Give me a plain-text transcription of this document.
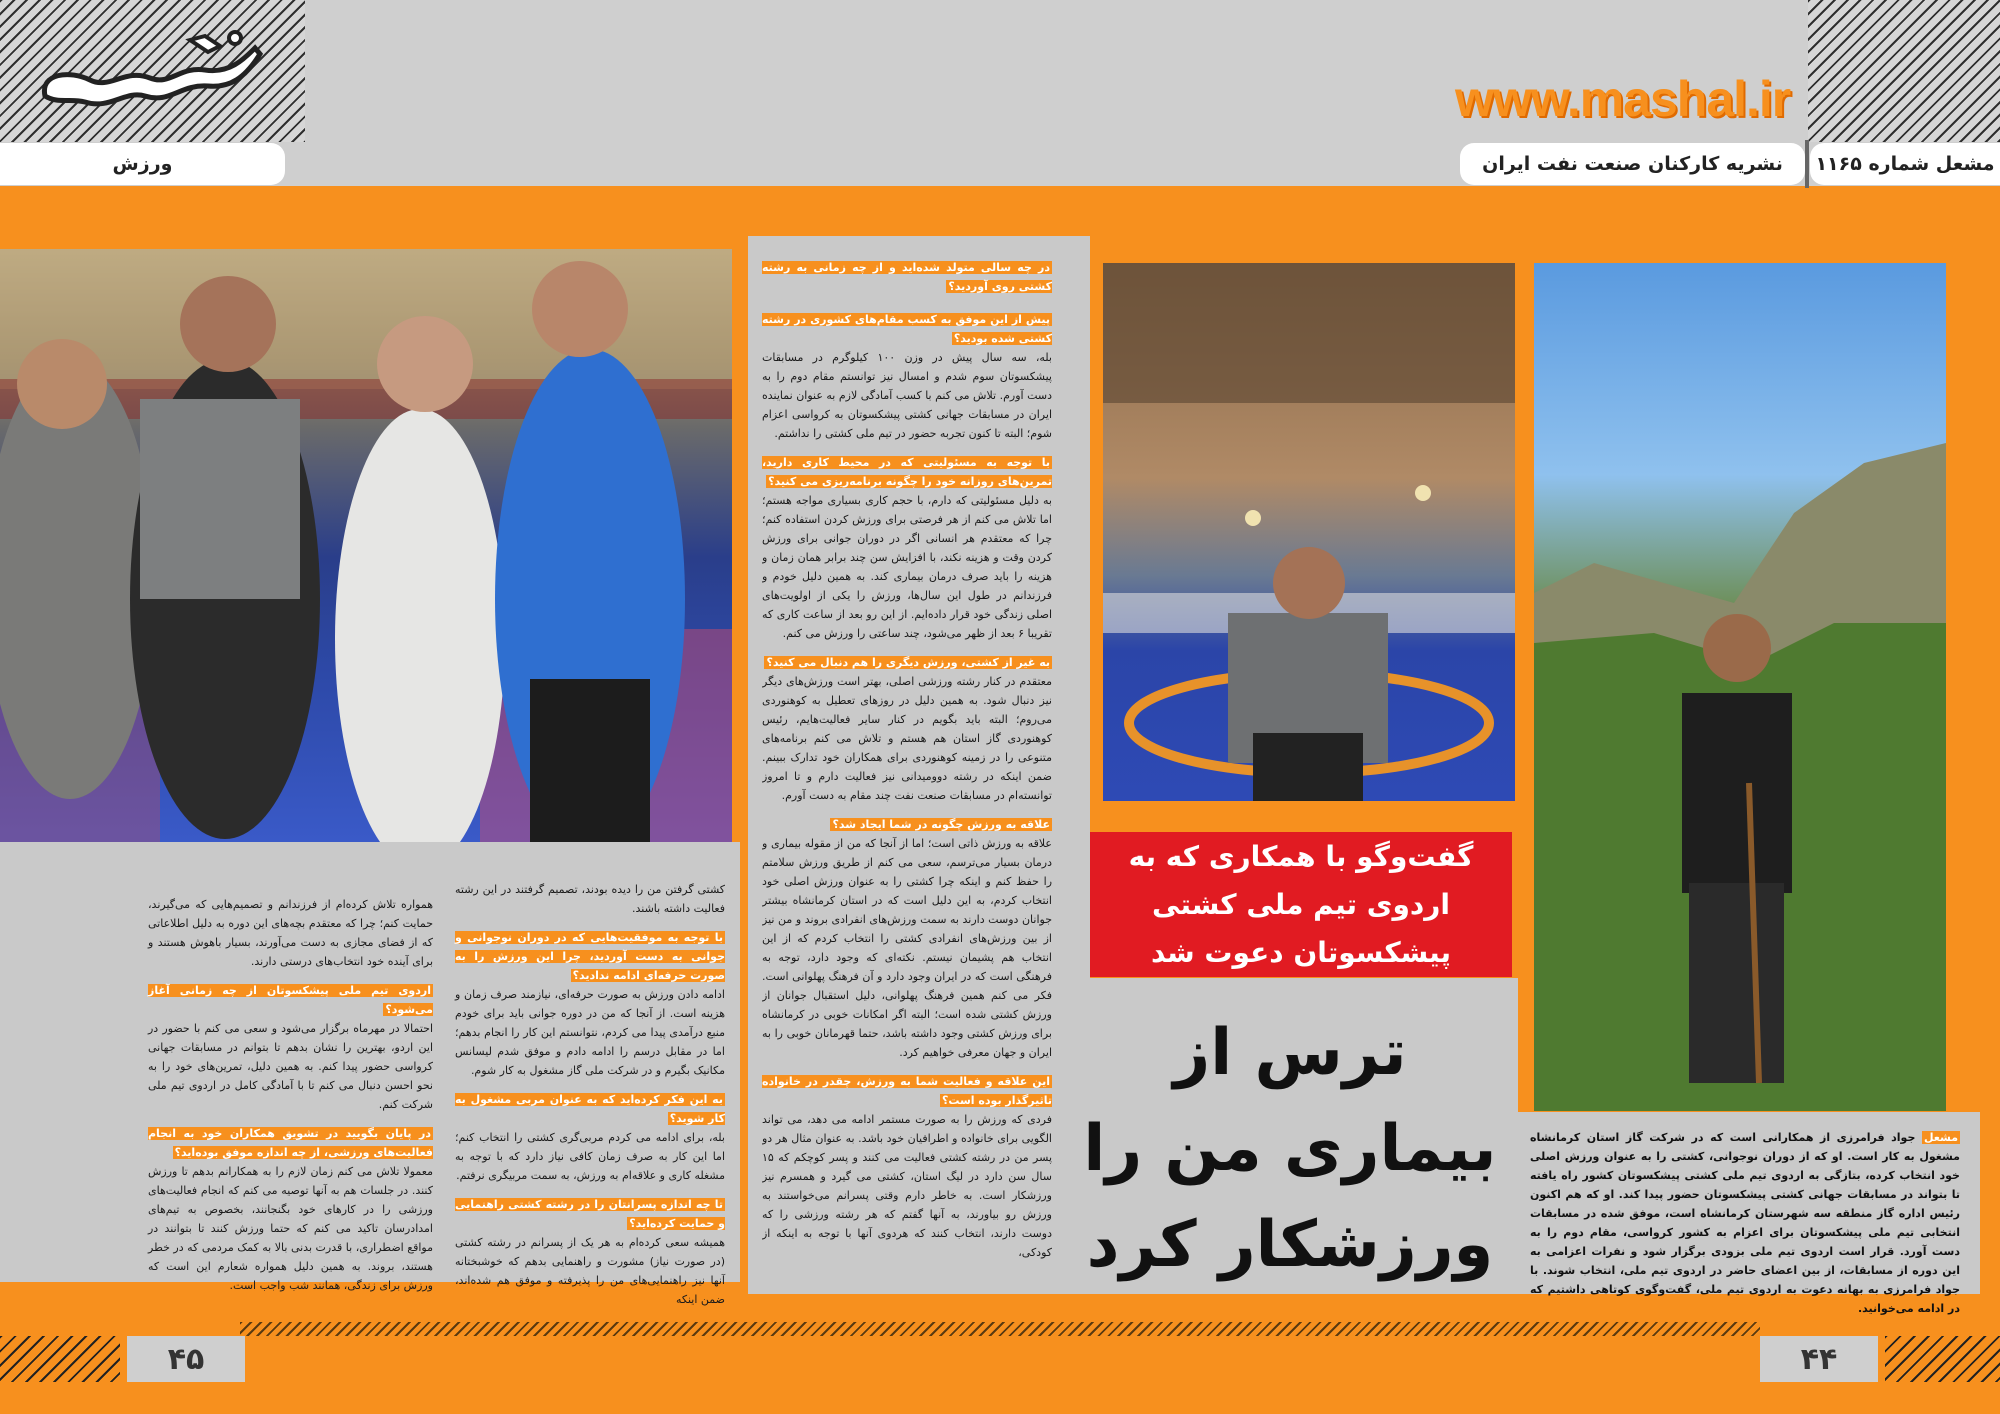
www.mashal.ir
ورزش	نشریه کارکنان صنعت نفت ایران مشعل شماره ۱۱۶۵
همواره تلاش کرده‌ام از فرزندانم و تصمیم‌هایی که می‌گیرند، حمایت کنم؛ چرا که معتقدم بچه‌های این دوره به دلیل اطلاعاتی که از فضای مجازی به دست می‌آورند، بسیار باهوش هستند و برای آینده خود انتخاب‌های درستی دارند.
اردوی تیم ملی پیشکسوتان از چه زمانی آغاز می‌شود؟
احتمالا در مهرماه برگزار می‌شود و سعی می کنم با حضور در این اردو، بهترین را نشان بدهم تا بتوانم در مسابقات جهانی کرواسی حضور پیدا کنم. به همین دلیل، تمرین‌های خود را به نحو احسن دنبال می کنم تا با آمادگی کامل در اردوی تیم ملی شرکت کنم.
در پایان بگویید در تشویق همکاران خود به انجام فعالیت‌های ورزشی، از چه اندازه موفق بوده‌اید؟
معمولا تلاش می کنم زمان لازم را به همکارانم بدهم تا ورزش کنند. در جلسات هم به آنها توصیه می کنم که انجام فعالیت‌های ورزشی را در کارهای خود بگنجانند، بخصوص به تیم‌های امدادرسان تاکید می کنم که حتما ورزش کنند تا بتوانند در مواقع اضطراری، با قدرت بدنی بالا به کمک مردمی که در خطر هستند، بروند. به همین دلیل همواره شعارم این است که ورزش برای زندگی، همانند شب واجب است.
کشتی گرفتن من را دیده بودند، تصمیم گرفتند در این رشته فعالیت داشته باشند.
با توجه به موفقیت‌هایی که در دوران نوجوانی و جوانی به دست آوردید، چرا این ورزش را به صورت حرفه‌ای ادامه ندادید؟
ادامه دادن ورزش به صورت حرفه‌ای، نیازمند صرف زمان و هزینه است. از آنجا که من در دوره جوانی باید برای خودم منبع درآمدی پیدا می کردم، نتوانستم این کار را انجام بدهم؛ اما در مقابل درسم را ادامه دادم و موفق شدم لیسانس مکانیک بگیرم و در شرکت ملی گاز مشغول به کار شوم.
به این فکر کرده‌اید که به عنوان مربی مشغول به کار شوید؟
بله، برای ادامه می کردم مربی‌گری کشتی را انتخاب کنم؛ اما این کار به صرف زمان کافی نیاز دارد که با توجه به مشغله کاری و علاقه‌ام به ورزش، به سمت مربیگری نرفتم.
تا چه اندازه پسرانتان را در رشته کشتی راهنمایی و حمایت کرده‌اید؟
همیشه سعی کرده‌ام به هر یک از پسرانم در رشته کشتی (در صورت نیاز) مشورت و راهنمایی بدهم که خوشبختانه آنها نیز راهنمایی‌های من را پذیرفته و موفق هم شده‌اند، ضمن اینکه
در چه سالی متولد شده‌اید و از چه زمانی به رشته کشتی روی آوردید؟
پیش از این موفق به کسب مقام‌های کشوری در رشته کشتی شده بودید؟
بله، سه سال پیش در وزن ۱۰۰ کیلوگرم در مسابقات پیشکسوتان سوم شدم و امسال نیز توانستم مقام دوم را به دست آورم. تلاش می کنم با کسب آمادگی لازم به عنوان نماینده ایران در مسابقات جهانی کشتی پیشکسوتان به کرواسی اعزام شوم؛ البته تا کنون تجربه حضور در تیم ملی کشتی را نداشتم.
با توجه به مسئولیتی که در محیط کاری دارید، تمرین‌های روزانه خود را چگونه برنامه‌ریزی می کنید؟
به دلیل مسئولیتی که دارم، با حجم کاری بسیاری مواجه هستم؛ اما تلاش می کنم از هر فرصتی برای ورزش کردن استفاده کنم؛ چرا که معتقدم هر انسانی اگر در دوران جوانی برای ورزش کردن وقت و هزینه نکند، با افزایش سن چند برابر همان زمان و هزینه را باید صرف درمان بیماری کند. به همین دلیل خودم و فرزندانم در طول این سال‌ها، ورزش را یکی از اولویت‌های اصلی زندگی خود قرار داده‌ایم. از این رو بعد از ساعت کاری که تقریبا ۶ بعد از ظهر می‌شود، چند ساعتی را ورزش می کنم.
به غیر از کشتی، ورزش دیگری را هم دنبال می کنید؟
معتقدم در کنار رشته ورزشی اصلی، بهتر است ورزش‌های دیگر نیز دنبال شود. به همین دلیل در روزهای تعطیل به کوهنوردی می‌روم؛ البته باید بگویم در کنار سایر فعالیت‌هایم، رئیس کوهنوردی گاز استان هم هستم و تلاش می کنم برنامه‌های متنوعی را در زمینه کوهنوردی برای همکاران خود تدارک ببینم. ضمن اینکه در رشته دوومیدانی نیز فعالیت دارم و تا امروز توانسته‌ام در مسابقات صنعت نفت چند مقام به دست آورم.
علاقه به ورزش چگونه در شما ایجاد شد؟
علاقه به ورزش ذاتی است؛ اما از آنجا که من از مقوله بیماری و درمان بسیار می‌ترسم، سعی می کنم از طریق ورزش سلامتم را حفظ کنم و اینکه چرا کشتی را به عنوان ورزش اصلی خود انتخاب کردم، به این دلیل است که در استان کرمانشاه بیشتر جوانان دوست دارند به سمت ورزش‌های انفرادی بروند و من نیز از بین ورزش‌های انفرادی کشتی را انتخاب کردم که از این انتخاب هم پشیمان نیستم. نکته‌ای که وجود دارد، توجه به فرهنگی است که در ایران وجود دارد و آن فرهنگ پهلوانی است. فکر می کنم همین فرهنگ پهلوانی، دلیل استقبال جوانان از ورزش کشتی شده است؛ البته اگر امکانات خوبی در کرمانشاه برای ورزش کشتی وجود داشته باشد، حتما قهرمانان خوبی را به ایران و جهان معرفی خواهیم کرد.
این علاقه و فعالیت شما به ورزش، چقدر در خانواده تاثیرگذار بوده است؟
فردی که ورزش را به صورت مستمر ادامه می دهد، می تواند الگویی برای خانواده و اطرافیان خود باشد. به عنوان مثال هر دو پسر من در رشته کشتی فعالیت می کنند و پسر کوچکم که ۱۵ سال سن دارد در لیگ استان، کشتی می گیرد و همسرم نیز ورزشکار است. به خاطر دارم وقتی پسرانم می‌خواستند به ورزش رو بیاورند، به آنها گفتم که هر رشته ورزشی را که دوست دارند، انتخاب کنند که هردوی آنها با توجه به اینکه از کودکی،
گفت‌وگو با همکاری که به اردوی تیم ملی کشتی پیشکسوتان دعوت شد
ترس از بیماری من را ورزشکار کرد
مشعل جواد فرامرزی از همکارانی است که در شرکت گاز استان کرمانشاه مشغول به کار است. او که از دوران نوجوانی، کشتی را به عنوان ورزش اصلی خود انتخاب کرده، بتازگی به اردوی تیم ملی کشتی پیشکسوتان کشور راه یافته تا بتواند در مسابقات جهانی کشتی پیشکسوتان حضور پیدا کند. او که هم اکنون رئیس اداره گاز منطقه سه شهرستان کرمانشاه است، موفق شده در مسابقات انتخابی تیم ملی پیشکسوتان برای اعزام به کشور کرواسی، مقام دوم را به دست آورد. قرار است اردوی تیم ملی بزودی برگزار شود و نفرات اعزامی به این دوره از مسابقات، از بین اعضای حاضر در اردوی تیم ملی، انتخاب شوند. با جواد فرامرزی به بهانه دعوت به اردوی تیم ملی، گفت‌وگوی کوتاهی داشتیم که در ادامه می‌خوانید.
۴۵	۴۴
